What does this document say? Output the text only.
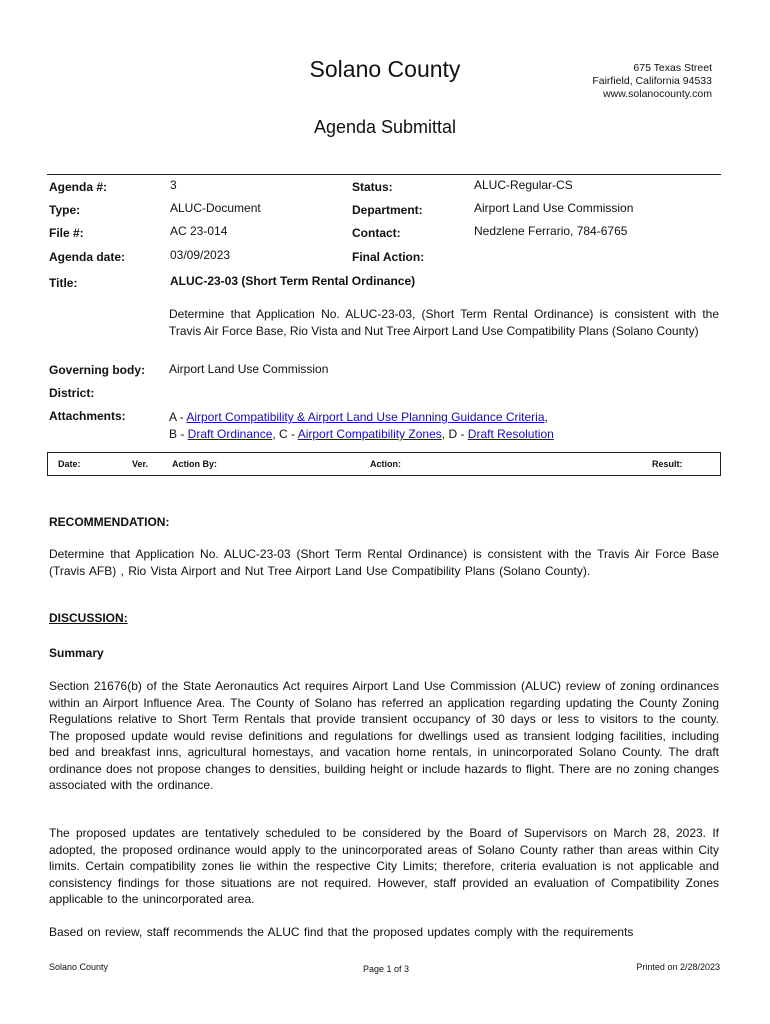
Solano County	675 Texas Street
Fairfield, California 94533
www.solanocounty.com
Agenda Submittal
Agenda #:	3	Status:	ALUC-Regular-CS
Type:	ALUC-Document	Department:	Airport Land Use Commission
File #:	AC 23-014	Contact:	Nedzlene Ferrario, 784-6765
Agenda date:	03/09/2023	Final Action:
Title:	ALUC-23-03 (Short Term Rental Ordinance)
Determine that Application No. ALUC-23-03, (Short Term Rental Ordinance) is consistent with the Travis Air Force Base, Rio Vista and Nut Tree Airport Land Use Compatibility Plans (Solano County)
Governing body: Airport Land Use Commission
District:
Attachments:	A - Airport Compatibility & Airport Land Use Planning Guidance Criteria,
B - Draft Ordinance, C - Airport Compatibility Zones, D - Draft Resolution
Date:	Ver.	Action By:	Action:	Result:
RECOMMENDATION:
Determine that Application No. ALUC-23-03 (Short Term Rental Ordinance) is consistent with the Travis Air Force Base (Travis AFB) , Rio Vista Airport and Nut Tree Airport Land Use Compatibility Plans (Solano County).
DISCUSSION:
Summary
Section 21676(b) of the State Aeronautics Act requires Airport Land Use Commission (ALUC) review of zoning ordinances within an Airport Influence Area. The County of Solano has referred an application regarding updating the County Zoning Regulations relative to Short Term Rentals that provide transient occupancy of 30 days or less to visitors to the county. The proposed update would revise definitions and regulations for dwellings used as transient lodging facilities, including bed and breakfast inns, agricultural homestays, and vacation home rentals, in unincorporated Solano County. The draft ordinance does not propose changes to densities, building height or include hazards to flight. There are no zoning changes associated with the ordinance.
The proposed updates are tentatively scheduled to be considered by the Board of Supervisors on March 28, 2023. If adopted, the proposed ordinance would apply to the unincorporated areas of Solano County rather than areas within City limits. Certain compatibility zones lie within the respective City Limits; therefore, criteria evaluation is not applicable and consistency findings for those situations are not required. However, staff provided an evaluation of Compatibility Zones applicable to the unincorporated area.
Based on review, staff recommends the ALUC find that the proposed updates comply with the requirements
Solano County	Page 1 of 3	Printed on 2/28/2023
